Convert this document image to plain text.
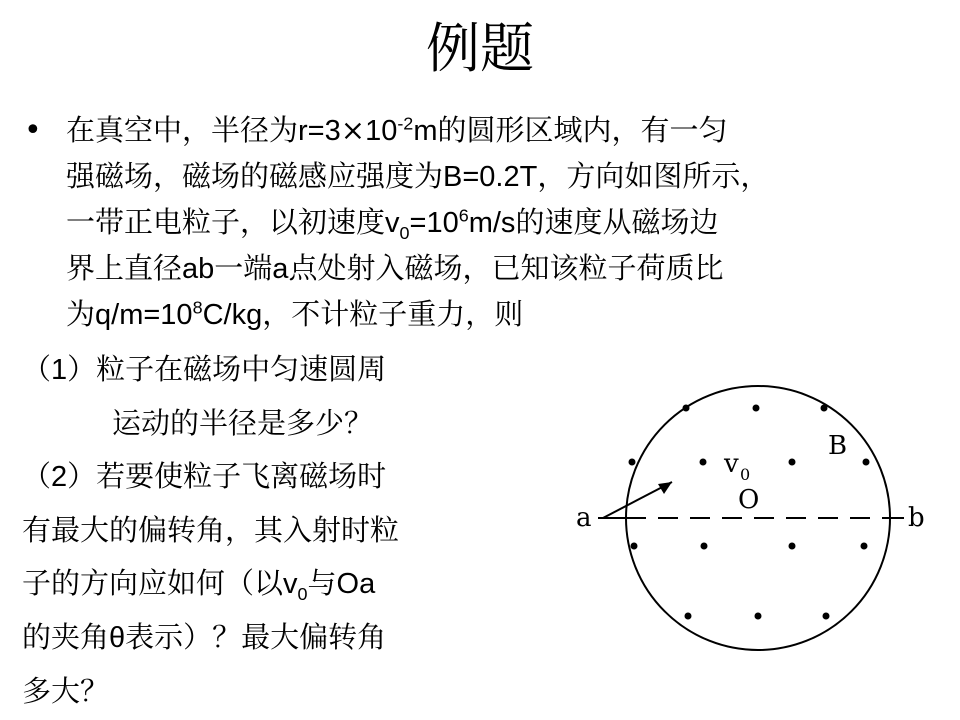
例题
• 在真空中，半径为$r=3\times 10^{-2}m$的圆形区域内，有一匀
强磁场，磁场的磁感应强度为B=0.2T，方向如图所示，
一带正电粒子，以初速度$v_0=10^6m/s$的速度从磁场边
界上直径ab一端a点处射入磁场，已知该粒子荷质比
为$q/m=10^8C/kg$，不计粒子重力，则
（1）粒子在磁场中匀速圆周
运动的半径是多少？
（2）若要使粒子飞离磁场时
有最大的偏转角，其入射时粒
子的方向应如何（以$v_0$与Oa
的夹角θ表示）？最大偏转角
多大？
a	b
O
B
v 0
